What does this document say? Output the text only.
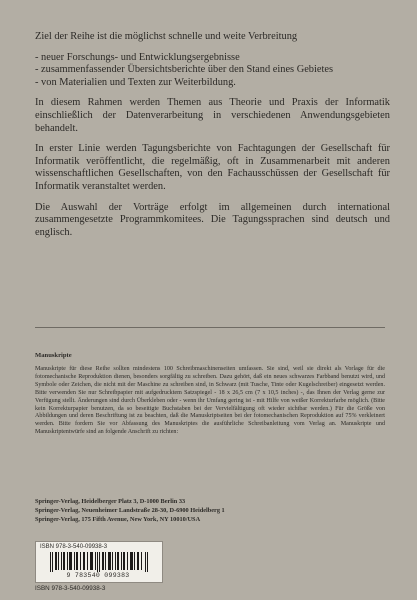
Ziel der Reihe ist die möglichst schnelle und weite Verbreitung

- neuer Forschungs- und Entwicklungsergebnisse
- zusammenfassender Übersichtsberichte über den Stand eines Gebietes
- von Materialien und Texten zur Weiterbildung.

In diesem Rahmen werden Themen aus Theorie und Praxis der Informatik einschließlich der Datenverarbeitung in verschiedenen Anwendungsgebieten behandelt.

In erster Linie werden Tagungsberichte von Fachtagungen der Gesellschaft für Informatik veröffentlicht, die regelmäßig, oft in Zusammenarbeit mit anderen wissenschaftlichen Gesellschaften, von den Fachausschüssen der Gesellschaft für Informatik veranstaltet werden.

Die Auswahl der Vorträge erfolgt im allgemeinen durch international zusammengesetzte Programmkomitees. Die Tagungssprachen sind deutsch und englisch.

Manuskripte
Manuskripte für diese Reihe sollten mindestens 100 Schreibmaschinenseiten umfassen. Sie sind, weil sie direkt als Vorlage für die fotomechanische Reproduktion dienen, besonders sorgfältig zu schreiben. Dazu gehört, daß ein neues schwarzes Farbband benutzt wird, und Symbole oder Zeichen, die nicht mit der Maschine zu schreiben sind, in Schwarz (mit Tusche, Tinte oder Kugelschreiber) eingesetzt werden. Bitte verwenden Sie nur Schreibpapier mit aufgedrucktem Satzspiegel - 18 x 26,5 cm (7 x 10,5 inches) -, das Ihnen der Verlag gerne zur Verfügung stellt. Änderungen sind durch Überkleben oder - wenn ihr Umfang gering ist - mit Hilfe von weißer Korrekturfarbe möglich. (Bitte kein Korrekturpapier benutzen, da so beseitigte Buchstaben bei der Vervielfältigung oft wieder sichtbar werden.) Für die Größe von Abbildungen und deren Beschriftung ist zu beachten, daß die Manuskriptseiten bei der fotomechanischen Reproduktion auf 75% verkleinert werden. Bitte fordern Sie vor Abfassung des Manuskriptes die ausführliche Schreibanleitung vom Verlag an. Manuskripte und Manuskriptentwürfe sind an folgende Anschrift zu richten:
Springer-Verlag, Heidelberger Platz 3, D-1000 Berlin 33
Springer-Verlag, Neuenheimer Landstraße 28-30, D-6900 Heidelberg 1
Springer-Verlag, 175 Fifth Avenue, New York, NY 10010/USA
ISBN 978-3-540-09938-3
9 783540 099383
ISBN 978-3-540-09938-3
